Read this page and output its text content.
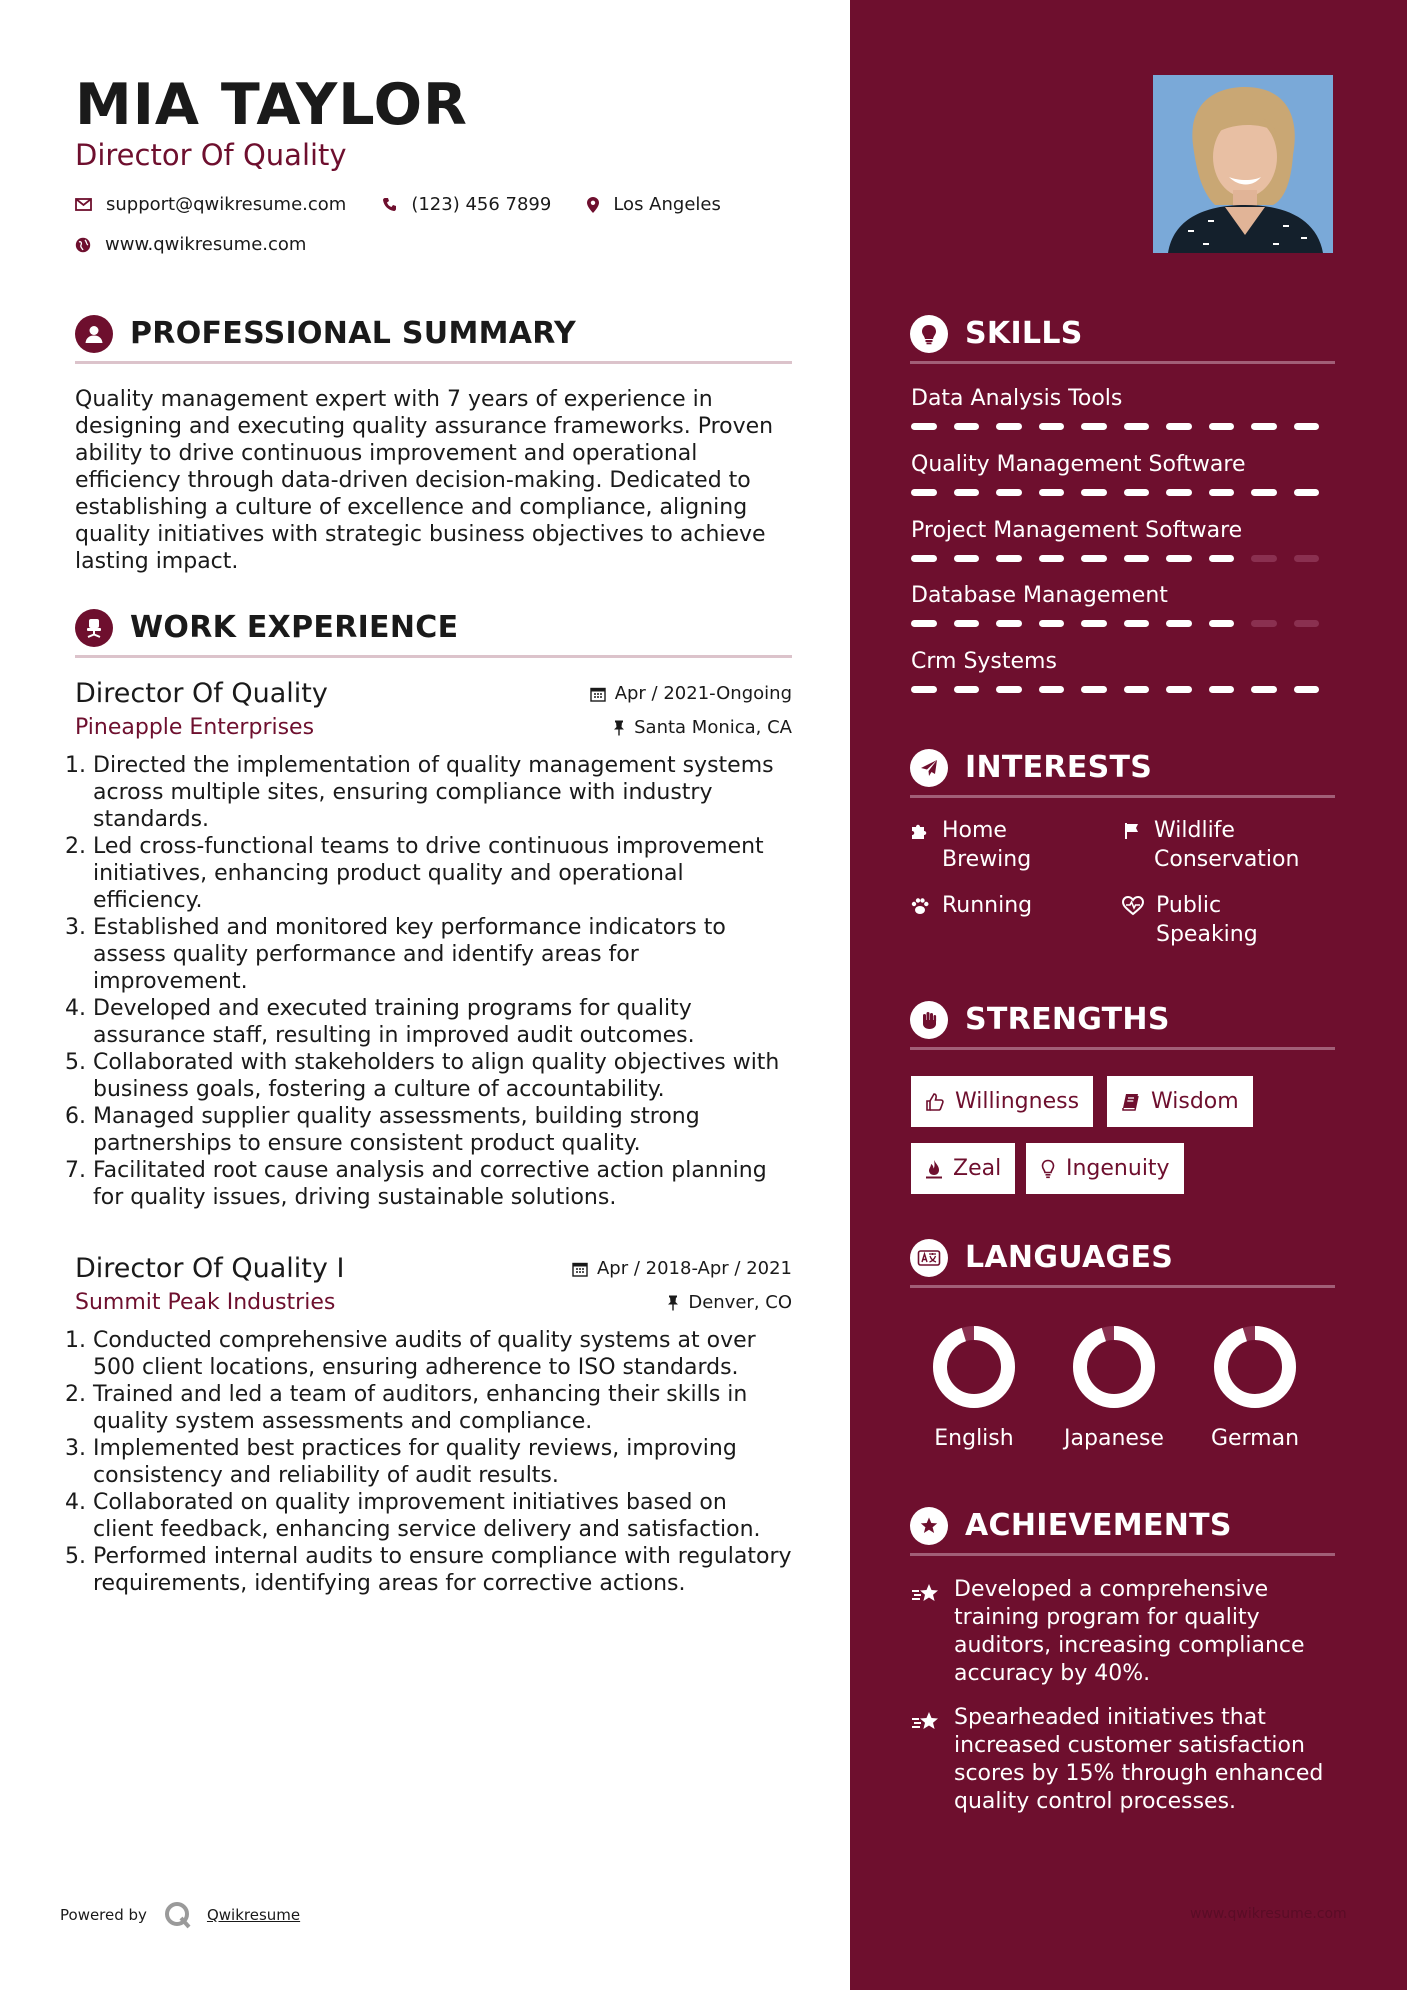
MIA TAYLOR
Director Of Quality
support@qwikresume.com	(123) 456 7899	Los Angeles
www.qwikresume.com
PROFESSIONAL SUMMARY
Quality management expert with 7 years of experience in designing and executing quality assurance frameworks. Proven ability to drive continuous improvement and operational efficiency through data-driven decision-making. Dedicated to establishing a culture of excellence and compliance, aligning quality initiatives with strategic business objectives to achieve lasting impact.
WORK EXPERIENCE
Director Of Quality	Apr / 2021-Ongoing
Pineapple Enterprises	Santa Monica, CA
1. Directed the implementation of quality management systems across multiple sites, ensuring compliance with industry standards.
2. Led cross-functional teams to drive continuous improvement initiatives, enhancing product quality and operational efficiency.
3. Established and monitored key performance indicators to assess quality performance and identify areas for improvement.
4. Developed and executed training programs for quality assurance staff, resulting in improved audit outcomes.
5. Collaborated with stakeholders to align quality objectives with business goals, fostering a culture of accountability.
6. Managed supplier quality assessments, building strong partnerships to ensure consistent product quality.
7. Facilitated root cause analysis and corrective action planning for quality issues, driving sustainable solutions.
Director Of Quality I	Apr / 2018-Apr / 2021
Summit Peak Industries	Denver, CO
1. Conducted comprehensive audits of quality systems at over 500 client locations, ensuring adherence to ISO standards.
2. Trained and led a team of auditors, enhancing their skills in quality system assessments and compliance.
3. Implemented best practices for quality reviews, improving consistency and reliability of audit results.
4. Collaborated on quality improvement initiatives based on client feedback, enhancing service delivery and satisfaction.
5. Performed internal audits to ensure compliance with regulatory requirements, identifying areas for corrective actions.
Powered by	Qwikresume
SKILLS
Data Analysis Tools
Quality Management Software
Project Management Software
Database Management
Crm Systems
INTERESTS
Home Brewing
Wildlife Conservation
Running	Public Speaking
STRENGTHS
Willingness	Wisdom
Zeal	Ingenuity
LANGUAGES
English	Japanese	German
ACHIEVEMENTS
Developed a comprehensive training program for quality auditors, increasing compliance accuracy by 40%.
Spearheaded initiatives that increased customer satisfaction scores by 15% through enhanced quality control processes.
www.qwikresume.com
